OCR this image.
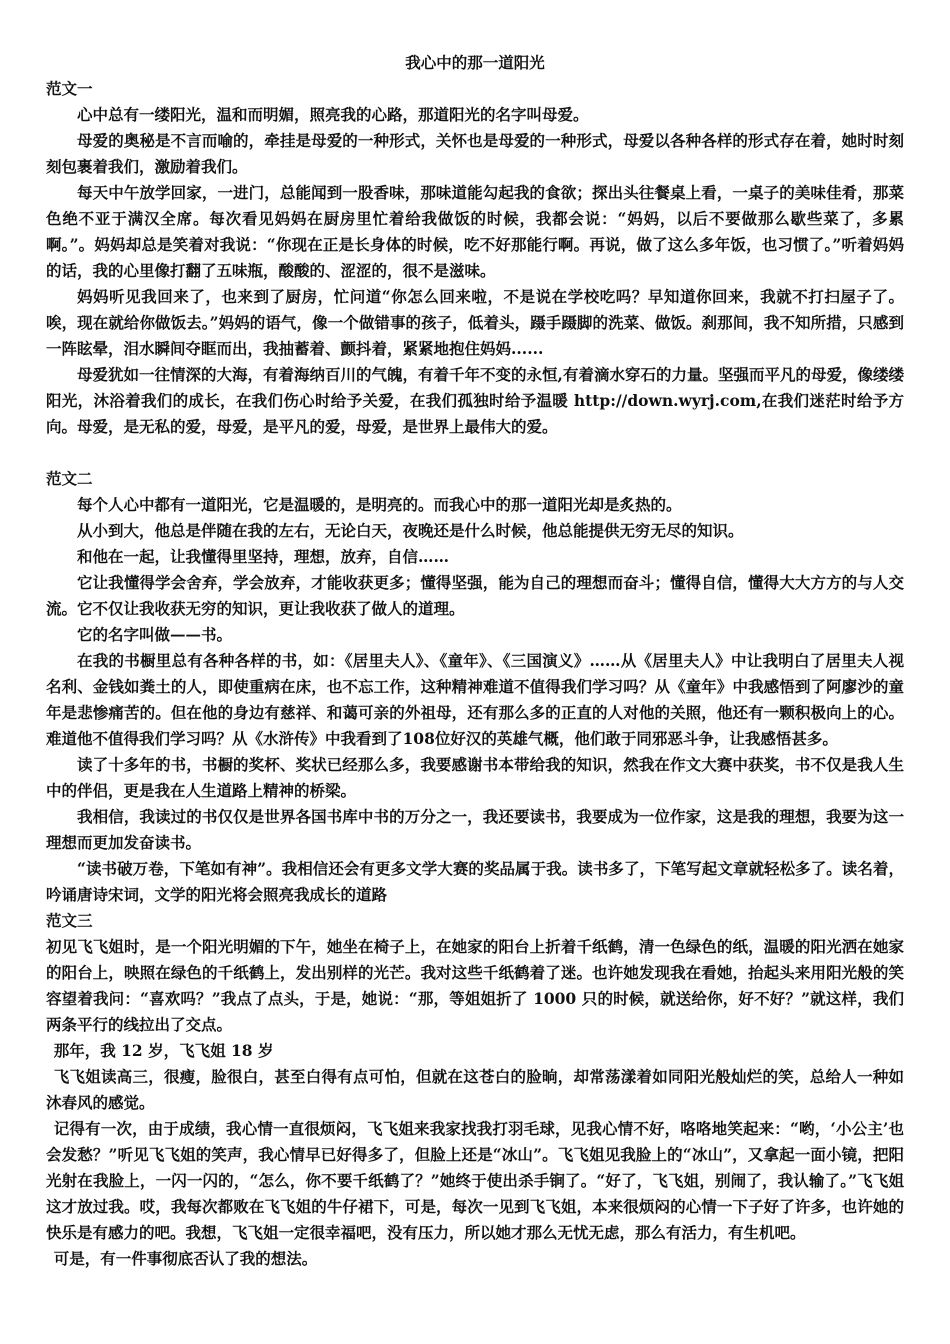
我心中的那一道阳光

范文一

心中总有一缕阳光，温和而明媚，照亮我的心路，那道阳光的名字叫母爱。

母爱的奥秘是不言而喻的，牵挂是母爱的一种形式，关怀也是母爱的一种形式，母爱以各种各样的形式存在着，她时时刻刻包裹着我们，激励着我们。

每天中午放学回家，一进门，总能闻到一股香味，那味道能勾起我的食欲；探出头往餐桌上看，一桌子的美味佳肴，那菜色绝不亚于满汉全席。每次看见妈妈在厨房里忙着给我做饭的时候，我都会说：“妈妈，以后不要做那么歇些菜了，多累啊。”。妈妈却总是笑着对我说：“你现在正是长身体的时候，吃不好那能行啊。再说，做了这么多年饭，也习惯了。”听着妈妈的话，我的心里像打翻了五味瓶，酸酸的、涩涩的，很不是滋味。

妈妈听见我回来了，也来到了厨房，忙问道“你怎么回来啦，不是说在学校吃吗？早知道你回来，我就不打扫屋子了。唉，现在就给你做饭去。”妈妈的语气，像一个做错事的孩子，低着头，蹑手蹑脚的洗菜、做饭。刹那间，我不知所措，只感到一阵眩晕，泪水瞬间夺眶而出，我抽蓄着、颤抖着，紧紧地抱住妈妈......

母爱犹如一往情深的大海，有着海纳百川的气魄，有着千年不变的永恒,有着滴水穿石的力量。坚强而平凡的母爱，像缕缕阳光，沐浴着我们的成长，在我们伤心时给予关爱，在我们孤独时给予温暖 http://down.wyrj.com,在我们迷茫时给予方向。母爱，是无私的爱，母爱，是平凡的爱，母爱，是世界上最伟大的爱。

范文二

每个人心中都有一道阳光，它是温暖的，是明亮的。而我心中的那一道阳光却是炙热的。

从小到大，他总是伴随在我的左右，无论白天，夜晚还是什么时候，他总能提供无穷无尽的知识。

和他在一起，让我懂得里坚持，理想，放弃，自信……

它让我懂得学会舍弃，学会放弃，才能收获更多；懂得坚强，能为自己的理想而奋斗；懂得自信，懂得大大方方的与人交流。它不仅让我收获无穷的知识，更让我收获了做人的道理。

它的名字叫做——书。

在我的书橱里总有各种各样的书，如：《居里夫人》、《童年》、《三国演义》……从《居里夫人》中让我明白了居里夫人视名利、金钱如粪土的人，即使重病在床，也不忘工作，这种精神难道不值得我们学习吗？从《童年》中我感悟到了阿廖沙的童年是悲惨痛苦的。但在他的身边有慈祥、和蔼可亲的外祖母，还有那么多的正直的人对他的关照，他还有一颗积极向上的心。难道他不值得我们学习吗？从《水浒传》中我看到了108位好汉的英雄气概，他们敢于同邪恶斗争，让我感悟甚多。

读了十多年的书，书橱的奖杯、奖状已经那么多，我要感谢书本带给我的知识，然我在作文大赛中获奖，书不仅是我人生中的伴侣，更是我在人生道路上精神的桥梁。

我相信，我读过的书仅仅是世界各国书库中书的万分之一，我还要读书，我要成为一位作家，这是我的理想，我要为这一理想而更加发奋读书。

“读书破万卷，下笔如有神”。我相信还会有更多文学大赛的奖品属于我。读书多了，下笔写起文章就轻松多了。读名着，吟诵唐诗宋词，文学的阳光将会照亮我成长的道路

范文三

初见飞飞姐时，是一个阳光明媚的下午，她坐在椅子上，在她家的阳台上折着千纸鹤，清一色绿色的纸，温暖的阳光洒在她家的阳台上，映照在绿色的千纸鹤上，发出别样的光芒。我对这些千纸鹤着了迷。也许她发现我在看她，抬起头来用阳光般的笑容望着我问：“喜欢吗？”我点了点头，于是，她说：“那，等姐姐折了 1000 只的时候，就送给你，好不好？”就这样，我们两条平行的线拉出了交点。

那年，我 12 岁，飞飞姐 18 岁

飞飞姐读高三，很瘦，脸很白，甚至白得有点可怕，但就在这苍白的脸晌，却常荡漾着如同阳光般灿烂的笑，总给人一种如沐春风的感觉。

记得有一次，由于成绩，我心情一直很烦闷，飞飞姐来我家找我打羽毛球，见我心情不好，咯咯地笑起来：“哟，‘小公主’也会发愁？”听见飞飞姐的笑声，我心情早已好得多了，但脸上还是“冰山”。飞飞姐见我脸上的“冰山”，又拿起一面小镜，把阳光射在我脸上，一闪一闪的，“怎么，你不要千纸鹤了？”她终于使出杀手锏了。“好了，飞飞姐，别闹了，我认输了。”飞飞姐这才放过我。哎，我每次都败在飞飞姐的牛仔裙下，可是，每次一见到飞飞姐，本来很烦闷的心情一下子好了许多，也许她的快乐是有感力的吧。我想，飞飞姐一定很幸福吧，没有压力，所以她才那么无忧无虑，那么有活力，有生机吧。

可是，有一件事彻底否认了我的想法。
